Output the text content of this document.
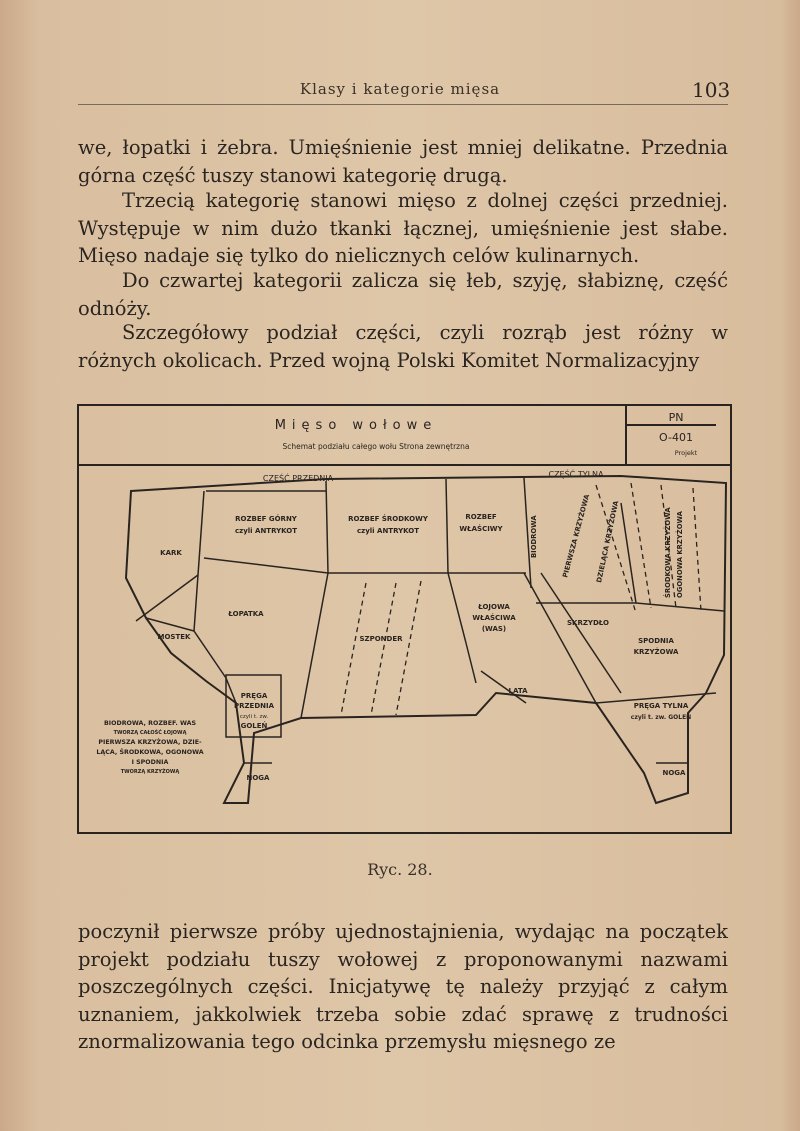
Klasy i kategorie mięsa	103

we, łopatki i żebra. Umięśnienie jest mniej delikatne. Przednia górna część tuszy stanowi kategorię drugą.

Trzecią kategorię stanowi mięso z dolnej części przedniej. Występuje w nim dużo tkanki łącznej, umięśnienie jest słabe. Mięso nadaje się tylko do nielicznych celów kulinarnych.

Do czwartej kategorii zalicza się łeb, szyję, słabiznę, część odnóży.

Szczegółowy podział części, czyli rozrąb jest różny w różnych okolicach. Przed wojną Polski Komitet Normalizacyjny

Mięso wołowe
Schemat podziału całego wołu Strona zewnętrzna
PN
O-401
Projekt
CZĘŚĆ PRZEDNIA	CZĘŚĆ TYLNA
KARK
ROZBEF GÓRNY
czyli ANTRYKOT
ROZBEF ŚRODKOWY
czyli ANTRYKOT
ROZBEF
WŁAŚCIWY
ŁOPATKA
SZPONDER
ŁOJOWA
WŁAŚCIWA
(WAS)
SKRZYDŁO
SPODNIA
KRZYŻOWA
MOSTEK
LATA
PRĘGA
PRZEDNIA
czyli t. zw.
GOLEŃ
PRĘGA TYLNA
czyli t. zw. GOLEŃ
NOGA
NOGA
BIODROWA	PIERWSZA KRZYŻOWA DZIELĄCA KRZYŻOWA	ŚRODKOWA KRZYŻOWA OGONOWA KRZYŻOWA
BIODROWA, ROZBEF. WAS
TWORZĄ CAŁOŚĆ ŁOJOWĄ
PIERWSZA KRZYŻOWA, DZIE-
LĄCA, ŚRODKOWA, OGONOWA
I SPODNIA
TWORZĄ KRZYŻOWĄ
Ryc. 28.

poczynił pierwsze próby ujednostajnienia, wydając na początek projekt podziału tuszy wołowej z proponowanymi nazwami poszczególnych części. Inicjatywę tę należy przyjąć z całym uznaniem, jakkolwiek trzeba sobie zdać sprawę z trudności znormalizowania tego odcinka przemysłu mięsnego ze
